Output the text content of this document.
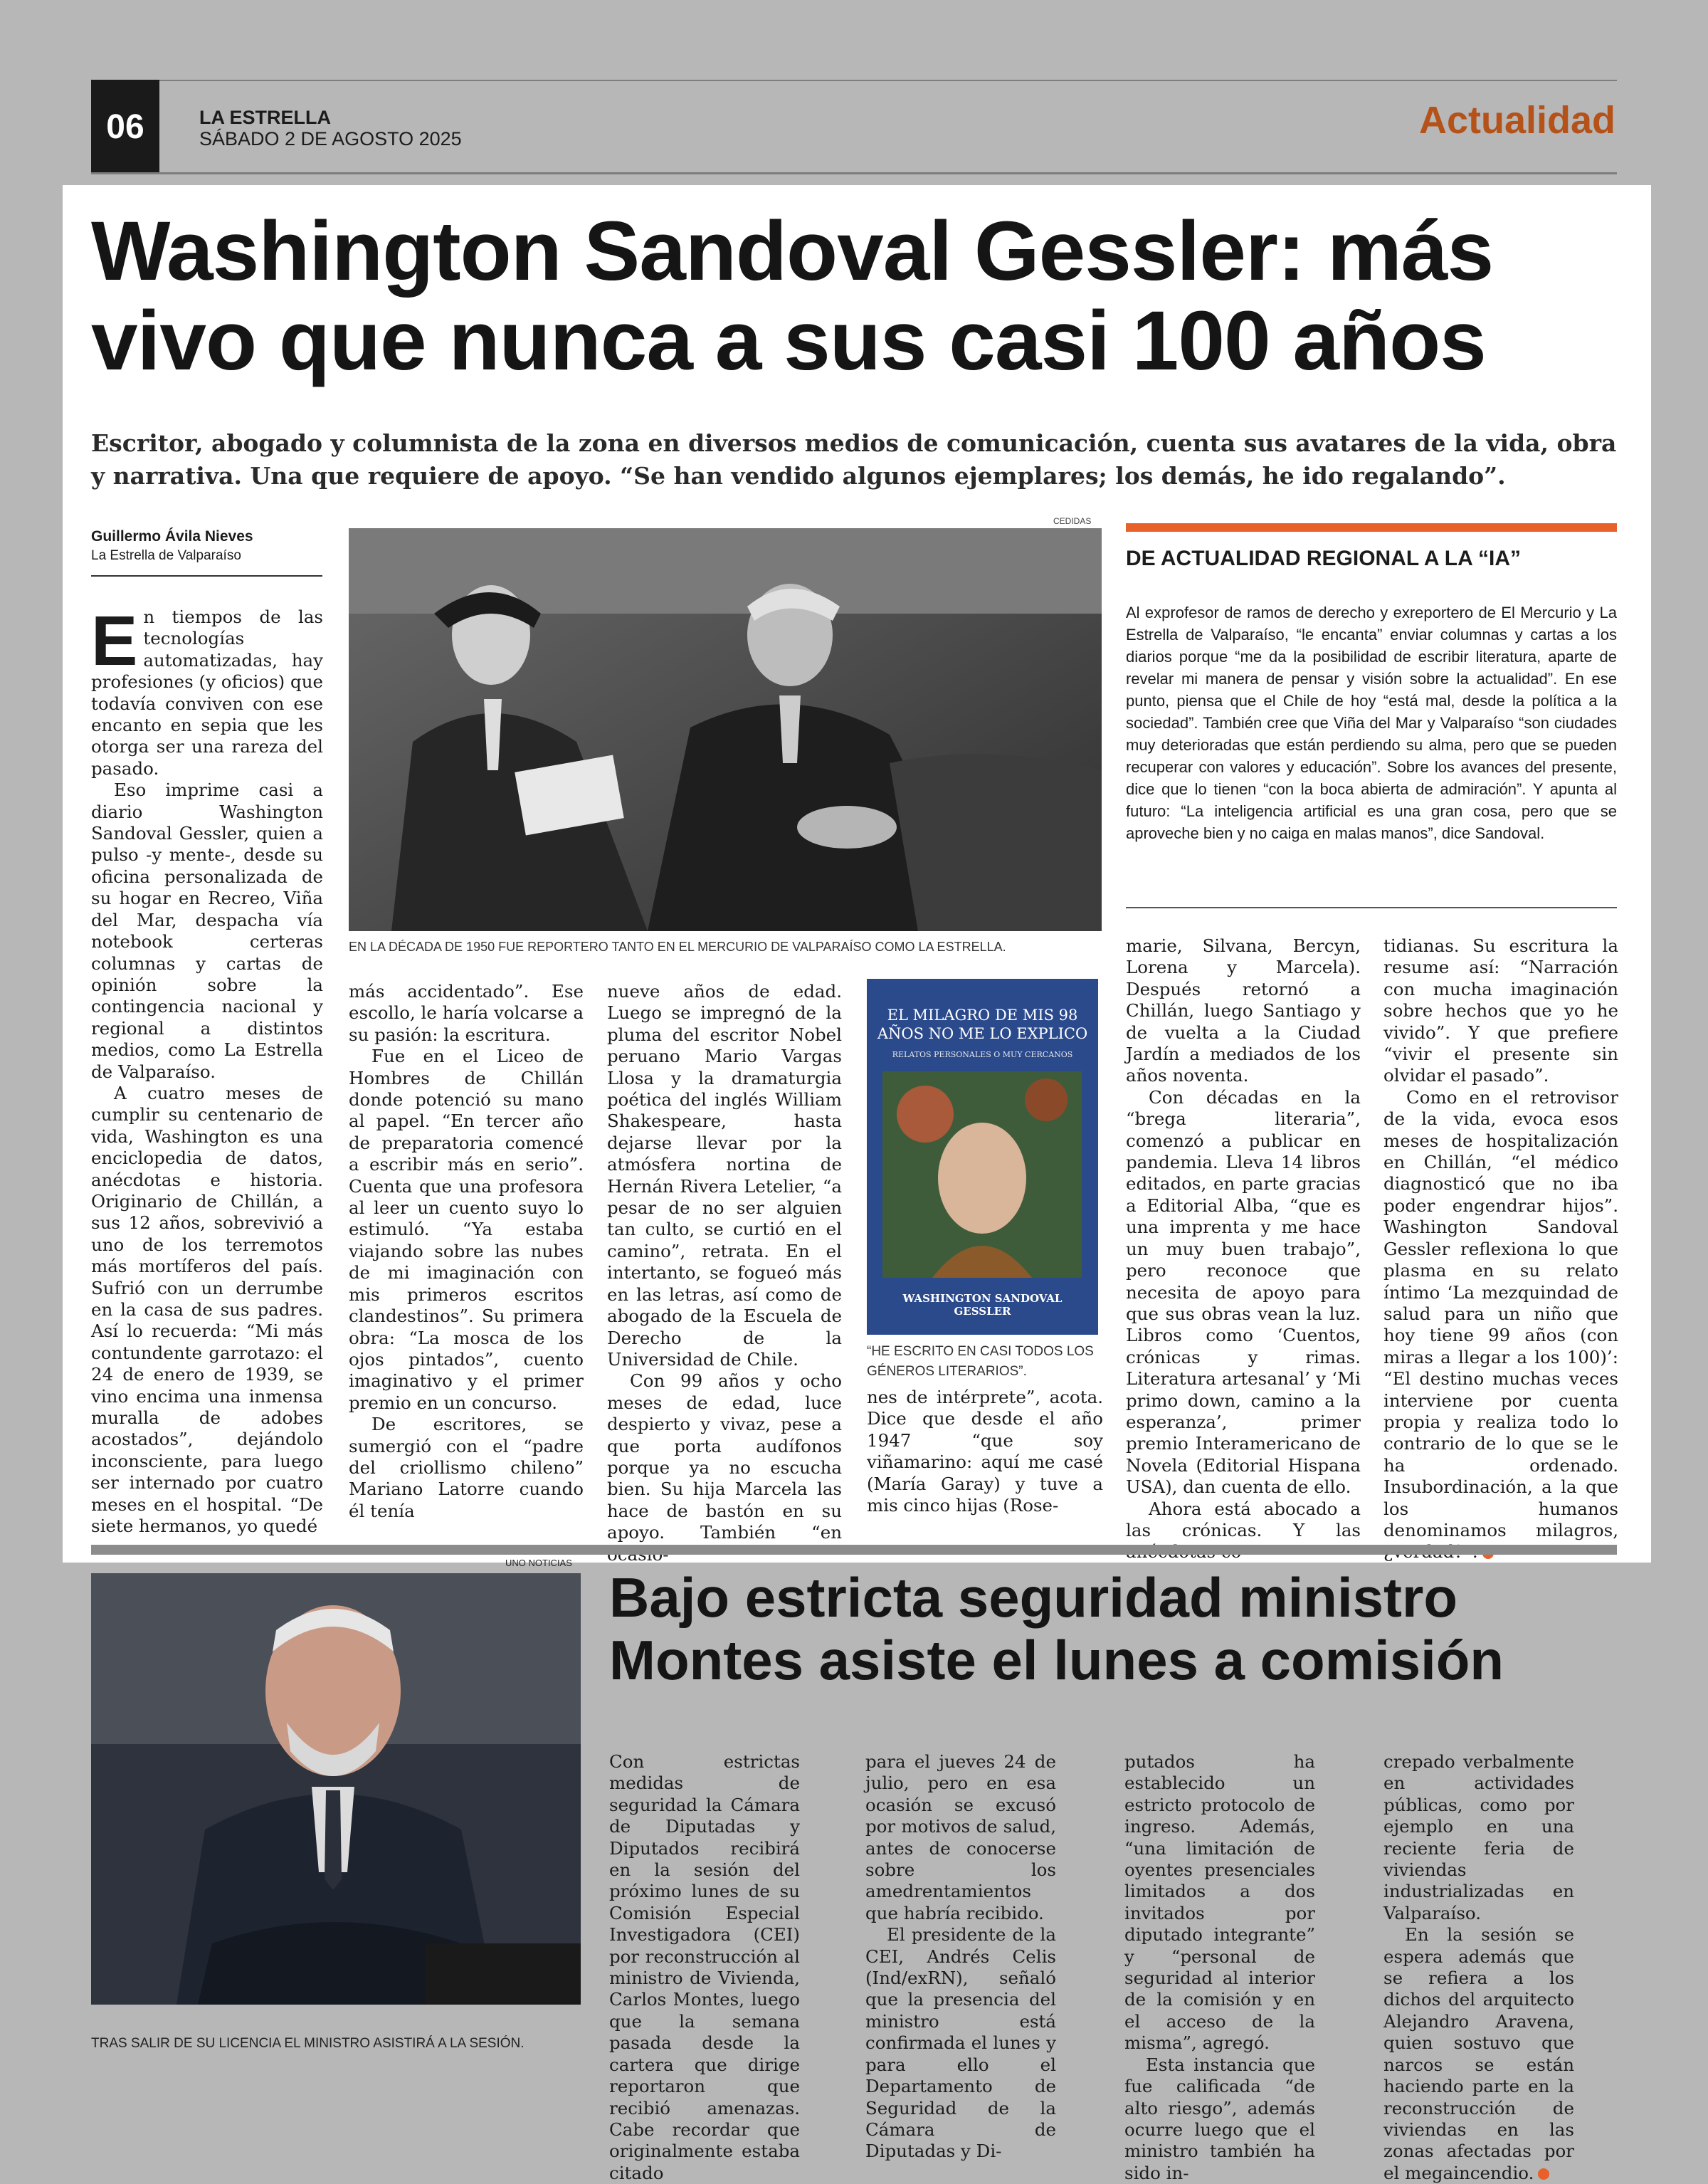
06	LA ESTRELLA
SÁBADO 2 DE AGOSTO 2025	Actualidad
Washington Sandoval Gessler: más vivo que nunca a sus casi 100 años
Escritor, abogado y columnista de la zona en diversos medios de comunicación, cuenta sus avatares de la vida, obra y narrativa. Una que requiere de apoyo. “Se han vendido algunos ejemplares; los demás, he ido regalando”.
Guillermo Ávila Nieves
La Estrella de Valparaíso

En tiempos de las tecnologías automatizadas, hay profesiones (y oficios) que todavía conviven con ese encanto en sepia que les otorga ser una rareza del pasado.

Eso imprime casi a diario Washington Sandoval Gessler, quien a pulso -y mente-, desde su oficina personalizada de su hogar en Recreo, Viña del Mar, despacha vía notebook certeras columnas y cartas de opinión sobre la contingencia nacional y regional a distintos medios, como La Estrella de Valparaíso.

A cuatro meses de cumplir su centenario de vida, Washington es una enciclopedia de datos, anécdotas e historia. Originario de Chillán, a sus 12 años, sobrevivió a uno de los terremotos más mortíferos del país. Sufrió con un derrumbe en la casa de sus padres. Así lo recuerda: “Mi más contundente garrotazo: el 24 de enero de 1939, se vino encima una inmensa muralla de adobes acostados”, dejándolo inconsciente, para luego ser internado por cuatro meses en el hospital. “De siete hermanos, yo quedé

CEDIDAS
EN LA DÉCADA DE 1950 FUE REPORTERO TANTO EN EL MERCURIO DE VALPARAÍSO COMO LA ESTRELLA.

más accidentado”. Ese escollo, le haría volcarse a su pasión: la escritura.

Fue en el Liceo de Hombres de Chillán donde potenció su mano al papel. “En tercer año de preparatoria comencé a escribir más en serio”. Cuenta que una profesora al leer un cuento suyo lo estimuló. “Ya estaba viajando sobre las nubes de mi imaginación con mis primeros escritos clandestinos”. Su primera obra: “La mosca de los ojos pintados”, cuento imaginativo y el primer premio en un concurso.

De escritores, se sumergió con el “padre del criollismo chileno” Mariano Latorre cuando él tenía

nueve años de edad. Luego se impregnó de la pluma del escritor Nobel peruano Mario Vargas Llosa y la dramaturgia poética del inglés William Shakespeare, hasta dejarse llevar por la atmósfera nortina de Hernán Rivera Letelier, “a pesar de no ser alguien tan culto, se curtió en el camino”, retrata. En el intertanto, se fogueó más en las letras, así como de abogado de la Escuela de Derecho de la Universidad de Chile.

Con 99 años y ocho meses de edad, luce despierto y vivaz, pese a que porta audífonos porque ya no escucha bien. Su hija Marcela las hace de bastón en su apoyo. También “en

EL MILAGRO DE MIS 98 AÑOS NO ME LO EXPLICO
RELATOS PERSONALES O MUY CERCANOS
WASHINGTON SANDOVAL GESSLER
“HE ESCRITO EN CASI TODOS LOS GÉNEROS LITERARIOS”.

nes de intérprete”, acota. Dice que desde el año 1947 “que soy viñamarino: aquí me casé (María Garay) y tuve a mis cinco hijas (Rose-

DE ACTUALIDAD REGIONAL A LA “IA”
Al exprofesor de ramos de derecho y exreportero de El Mercurio y La Estrella de Valparaíso, “le encanta” enviar columnas y cartas a los diarios porque “me da la posibilidad de escribir literatura, aparte de revelar mi manera de pensar y visión sobre la actualidad”. En ese punto, piensa que el Chile de hoy “está mal, desde la política a la sociedad”. También cree que Viña del Mar y Valparaíso “son ciudades muy deterioradas que están perdiendo su alma, pero que se pueden recuperar con valores y educación”. Sobre los avances del presente, dice que lo tienen “con la boca abierta de admiración”. Y apunta al futuro: “La inteligencia artificial es una gran cosa, pero que se aproveche bien y no caiga en malas manos”, dice Sandoval.

marie, Silvana, Bercyn, Lorena y Marcela). Después retornó a Chillán, luego Santiago y de vuelta a la Ciudad Jardín a mediados de los años noventa.

Con décadas en la “brega literaria”, comenzó a publicar en pandemia. Lleva 14 libros editados, en parte gracias a Editorial Alba, “que es una imprenta y me hace un muy buen trabajo”, pero reconoce que necesita de apoyo para que sus obras vean la luz. Libros como ‘Cuentos, crónicas y rimas. Literatura artesanal’ y ‘Mi primo down, camino a la esperanza’, primer premio Interamericano de Novela (Editorial Hispana USA), dan cuenta de ello.

Ahora está abocado a las crónicas. Y las

tidianas. Su escritura la resume así: “Narración con mucha imaginación sobre hechos que yo he vivido”. Y que prefiere “vivir el presente sin olvidar el pasado”.

Como en el retrovisor de la vida, evoca esos meses de hospitalización en Chillán, “el médico diagnosticó que no iba poder engendrar hijos”. Washington Sandoval Gessler reflexiona lo que plasma en su relato íntimo ‘La mezquindad de salud para un niño que hoy tiene 99 años (con miras a llegar a los 100)’: “El destino muchas veces interviene por cuenta propia y realiza todo lo contrario de lo que se le ha ordenado. Insubordinación, a la que los humanos denominamos milagros,

UNO NOTICIAS
TRAS SALIR DE SU LICENCIA EL MINISTRO ASISTIRÁ A LA SESIÓN.
Bajo estricta seguridad ministro Montes asiste el lunes a comisión

Con estrictas medidas de seguridad la Cámara de Diputadas y Diputados recibirá en la sesión del próximo lunes de su Comisión Especial Investigadora (CEI) por reconstrucción al ministro de Vivienda, Carlos Montes, luego que la semana pasada desde la cartera que dirige reportaron que recibió amenazas. Cabe recordar que originalmente estaba citado

para el jueves 24 de julio, pero en esa ocasión se excusó por motivos de salud, antes de conocerse sobre los amedrentamientos que habría recibido.

El presidente de la CEI, Andrés Celis (Ind/exRN), señaló que la presencia del ministro está confirmada el lunes y para ello el Departamento de Seguridad de la Cámara de Diputadas y Di-

putados ha establecido un estricto protocolo de ingreso. Además, “una limitación de oyentes presenciales limitados a dos invitados por diputado integrante” y “personal de seguridad al interior de la comisión y en el acceso de la misma”, agregó.

Esta instancia que fue calificada “de alto riesgo”, además ocurre luego que el ministro también ha sido in-

crepado verbalmente en actividades públicas, como por ejemplo en una reciente feria de viviendas industrializadas en Valparaíso.

En la sesión se espera además que se refiera a los dichos del arquitecto Alejandro Aravena, quien sostuvo que narcos se están haciendo parte en la reconstrucción de viviendas en las zonas afectadas por el megaincendio.
